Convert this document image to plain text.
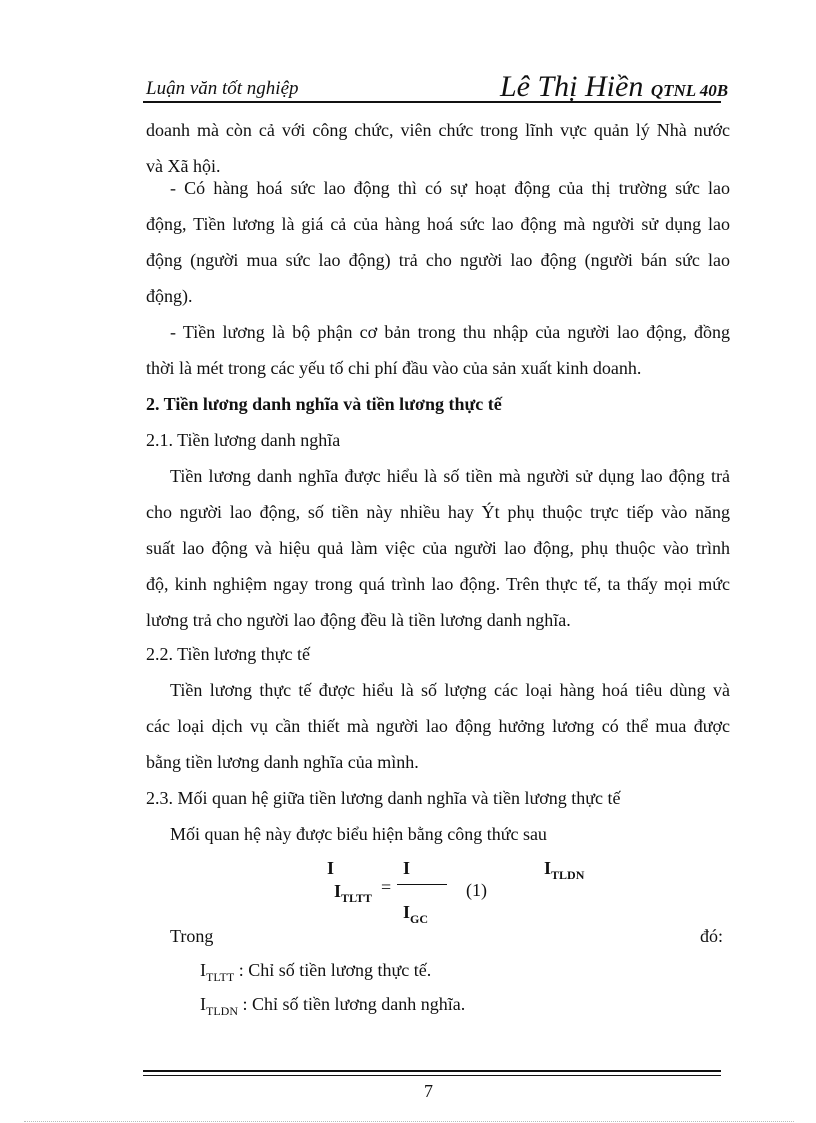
Luận văn tốt nghiệp	Lê Thị Hiền QTNL 40B
doanh mà còn cả với công chức, viên chức trong lĩnh vực quản lý Nhà nước
và Xã hội.
- Có hàng hoá sức lao động thì có sự hoạt động của thị trường sức lao
động, Tiền lương là giá cả của hàng hoá sức lao động mà người sử dụng lao
động (người mua sức lao động) trả cho người lao động (người bán sức lao
động).
- Tiền lương là bộ phận cơ bản trong thu nhập của người lao động, đồng
thời là mét trong các yếu tố chi phí đầu vào của sản xuất kinh doanh.
2. Tiền lương danh nghĩa và tiền lương thực tế
2.1. Tiền lương danh nghĩa
Tiền lương danh nghĩa được hiểu là số tiền mà người sử dụng lao động trả
cho người lao động, số tiền này nhiều hay Ýt phụ thuộc trực tiếp vào năng
suất lao động và hiệu quả làm việc của người lao động, phụ thuộc vào trình
độ, kinh nghiệm ngay trong quá trình lao động. Trên thực tế, ta thấy mọi mức
lương trả cho người lao động đều là tiền lương danh nghĩa.
2.2. Tiền lương thực tế
Tiền lương thực tế được hiểu là số lượng các loại hàng hoá tiêu dùng và
các loại dịch vụ cần thiết mà người lao động hưởng lương có thể mua được
bằng tiền lương danh nghĩa của mình.
2.3. Mối quan hệ giữa tiền lương danh nghĩa và tiền lương thực tế
Mối quan hệ này được biểu hiện bằng công thức sau
I	I	$I_{TLDN}$
$I_{TLTT}$
=	(1)
$I_{GC}$
Trong	đó:
$I_{TLTT}$ : Chỉ số tiền lương thực tế.
$I_{TLDN}$ : Chỉ số tiền lương danh nghĩa.
7
